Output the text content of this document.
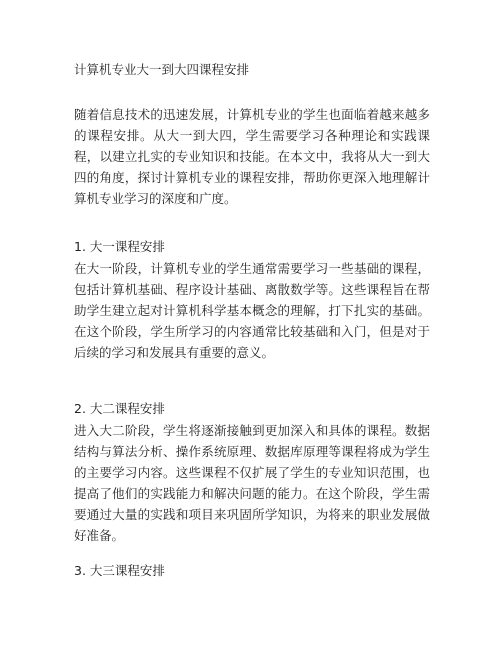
计算机专业大一到大四课程安排

随着信息技术的迅速发展，计算机专业的学生也面临着越来越多的课程安排。从大一到大四，学生需要学习各种理论和实践课程，以建立扎实的专业知识和技能。在本文中，我将从大一到大四的角度，探讨计算机专业的课程安排，帮助你更深入地理解计算机专业学习的深度和广度。

1. 大一课程安排

在大一阶段，计算机专业的学生通常需要学习一些基础的课程，包括计算机基础、程序设计基础、离散数学等。这些课程旨在帮助学生建立起对计算机科学基本概念的理解，打下扎实的基础。在这个阶段，学生所学习的内容通常比较基础和入门，但是对于后续的学习和发展具有重要的意义。

2. 大二课程安排

进入大二阶段，学生将逐渐接触到更加深入和具体的课程。数据结构与算法分析、操作系统原理、数据库原理等课程将成为学生的主要学习内容。这些课程不仅扩展了学生的专业知识范围，也提高了他们的实践能力和解决问题的能力。在这个阶段，学生需要通过大量的实践和项目来巩固所学知识，为将来的职业发展做好准备。

3. 大三课程安排
